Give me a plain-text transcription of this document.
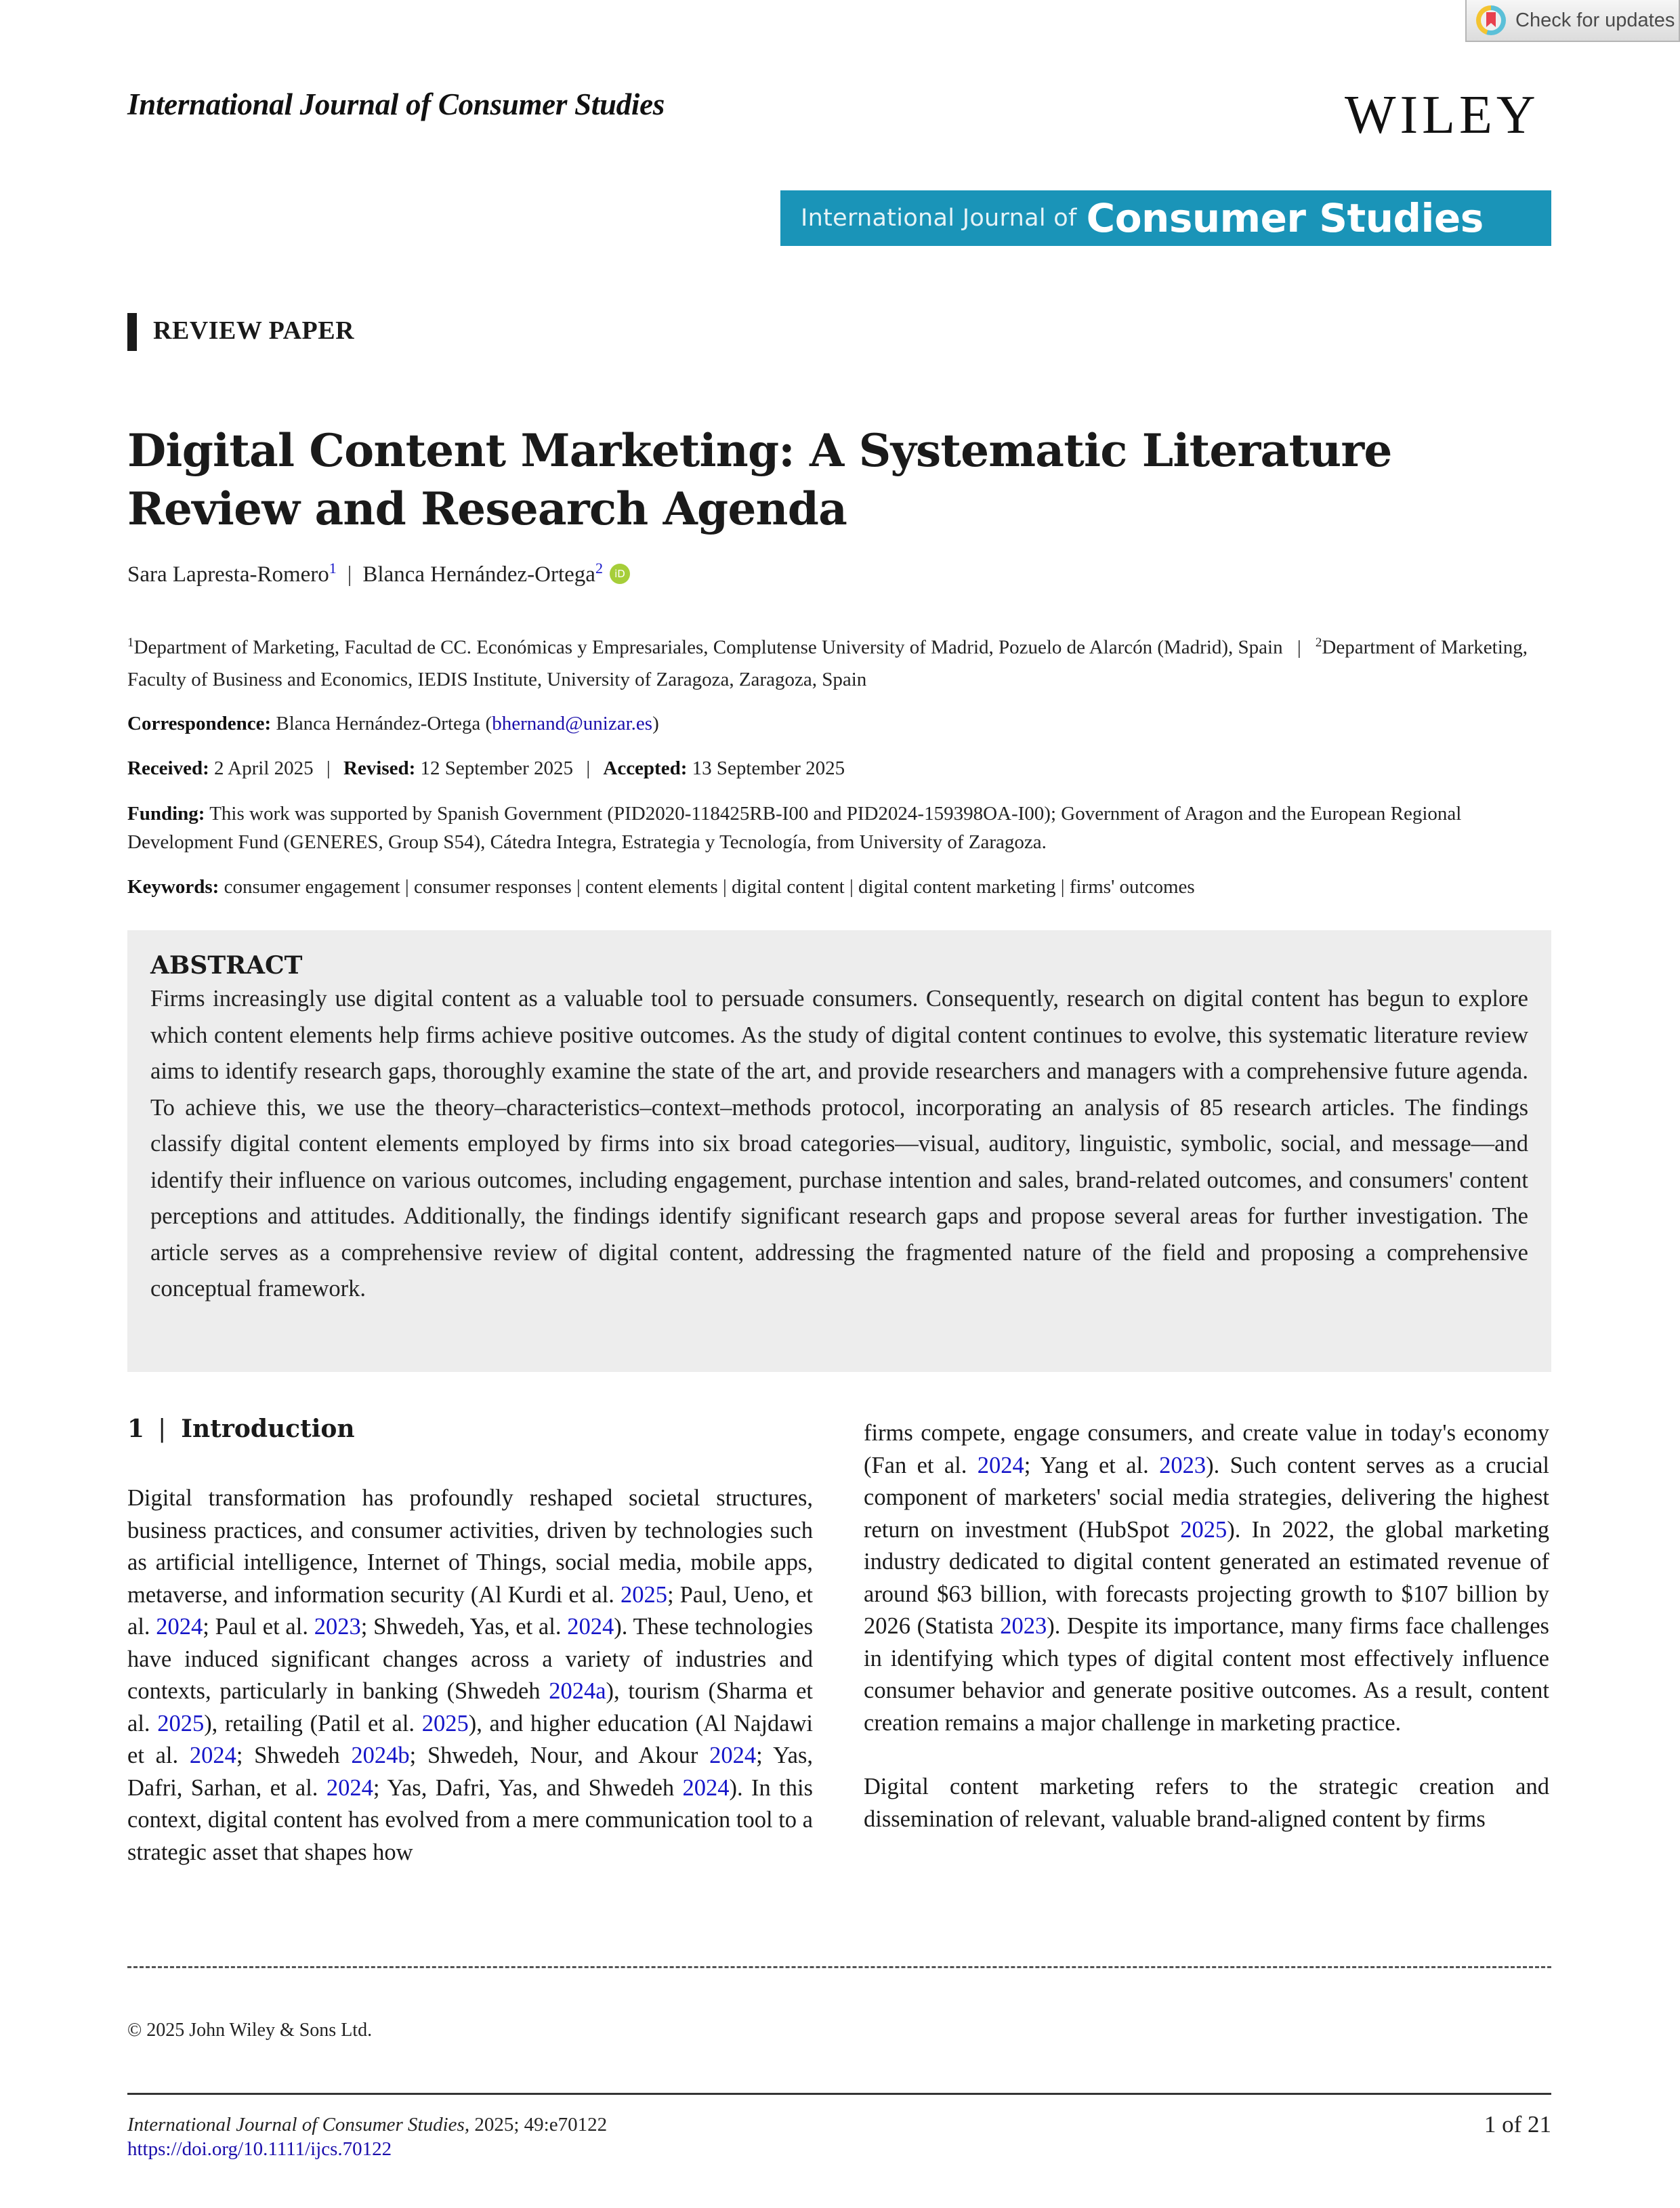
Check for updates
International Journal of Consumer Studies	WILEY
International Journal of Consumer Studies
REVIEW PAPER
Digital Content Marketing: A Systematic Literature Review and Research Agenda
Sara Lapresta-Romero$^1$ | Blanca Hernández-Ortega$^2$	iD
$^1$Department of Marketing, Facultad de CC. Económicas y Empresariales, Complutense University of Madrid, Pozuelo de Alarcón (Madrid), Spain | $^2$Department of Marketing, Faculty of Business and Economics, IEDIS Institute, University of Zaragoza, Zaragoza, Spain
Correspondence: Blanca Hernández-Ortega (bhernand@unizar.es)
Received: 2 April 2025 | Revised: 12 September 2025 | Accepted: 13 September 2025
Funding: This work was supported by Spanish Government (PID2020-118425RB-I00 and PID2024-159398OA-I00); Government of Aragon and the European Regional Development Fund (GENERES, Group S54), Cátedra Integra, Estrategia y Tecnología, from University of Zaragoza.
Keywords: consumer engagement | consumer responses | content elements | digital content | digital content marketing | firms' outcomes
ABSTRACT

Firms increasingly use digital content as a valuable tool to persuade consumers. Consequently, research on digital content has begun to explore which content elements help firms achieve positive outcomes. As the study of digital content continues to evolve, this systematic literature review aims to identify research gaps, thoroughly examine the state of the art, and provide researchers and managers with a comprehensive future agenda. To achieve this, we use the theory–characteristics–context–methods protocol, incorporating an analysis of 85 research articles. The findings classify digital content elements employed by firms into six broad categories—visual, auditory, linguistic, symbolic, social, and message—and identify their influence on various outcomes, including engagement, purchase intention and sales, brand-related outcomes, and consumers' content perceptions and attitudes. Additionally, the findings identify significant research gaps and propose several areas for further investigation. The article serves as a comprehensive review of digital content, addressing the fragmented nature of the field and proposing a comprehensive conceptual framework.

1 | Introduction

Digital transformation has profoundly reshaped societal structures, business practices, and consumer activities, driven by technologies such as artificial intelligence, Internet of Things, social media, mobile apps, metaverse, and information security (Al Kurdi et al. 2025; Paul, Ueno, et al. 2024; Paul et al. 2023; Shwedeh, Yas, et al. 2024). These technologies have induced significant changes across a variety of industries and contexts, particularly in banking (Shwedeh 2024a), tourism (Sharma et al. 2025), retailing (Patil et al. 2025), and higher education (Al Najdawi et al. 2024; Shwedeh 2024b; Shwedeh, Nour, and Akour 2024; Yas, Dafri, Sarhan, et al. 2024; Yas, Dafri, Yas, and Shwedeh 2024). In this context, digital content has evolved from a mere communication tool to a strategic asset that shapes how

firms compete, engage consumers, and create value in today's economy (Fan et al. 2024; Yang et al. 2023). Such content serves as a crucial component of marketers' social media strategies, delivering the highest return on investment (HubSpot 2025). In 2022, the global marketing industry dedicated to digital content generated an estimated revenue of around $63 billion, with forecasts projecting growth to $107 billion by 2026 (Statista 2023). Despite its importance, many firms face challenges in identifying which types of digital content most effectively influence consumer behavior and generate positive outcomes. As a result, content creation remains a major challenge in marketing practice.

Digital content marketing refers to the strategic creation and dissemination of relevant, valuable brand-aligned content by firms

© 2025 John Wiley & Sons Ltd.
International Journal of Consumer Studies, 2025; 49:e70122
https://doi.org/10.1111/ijcs.70122
1 of 21
